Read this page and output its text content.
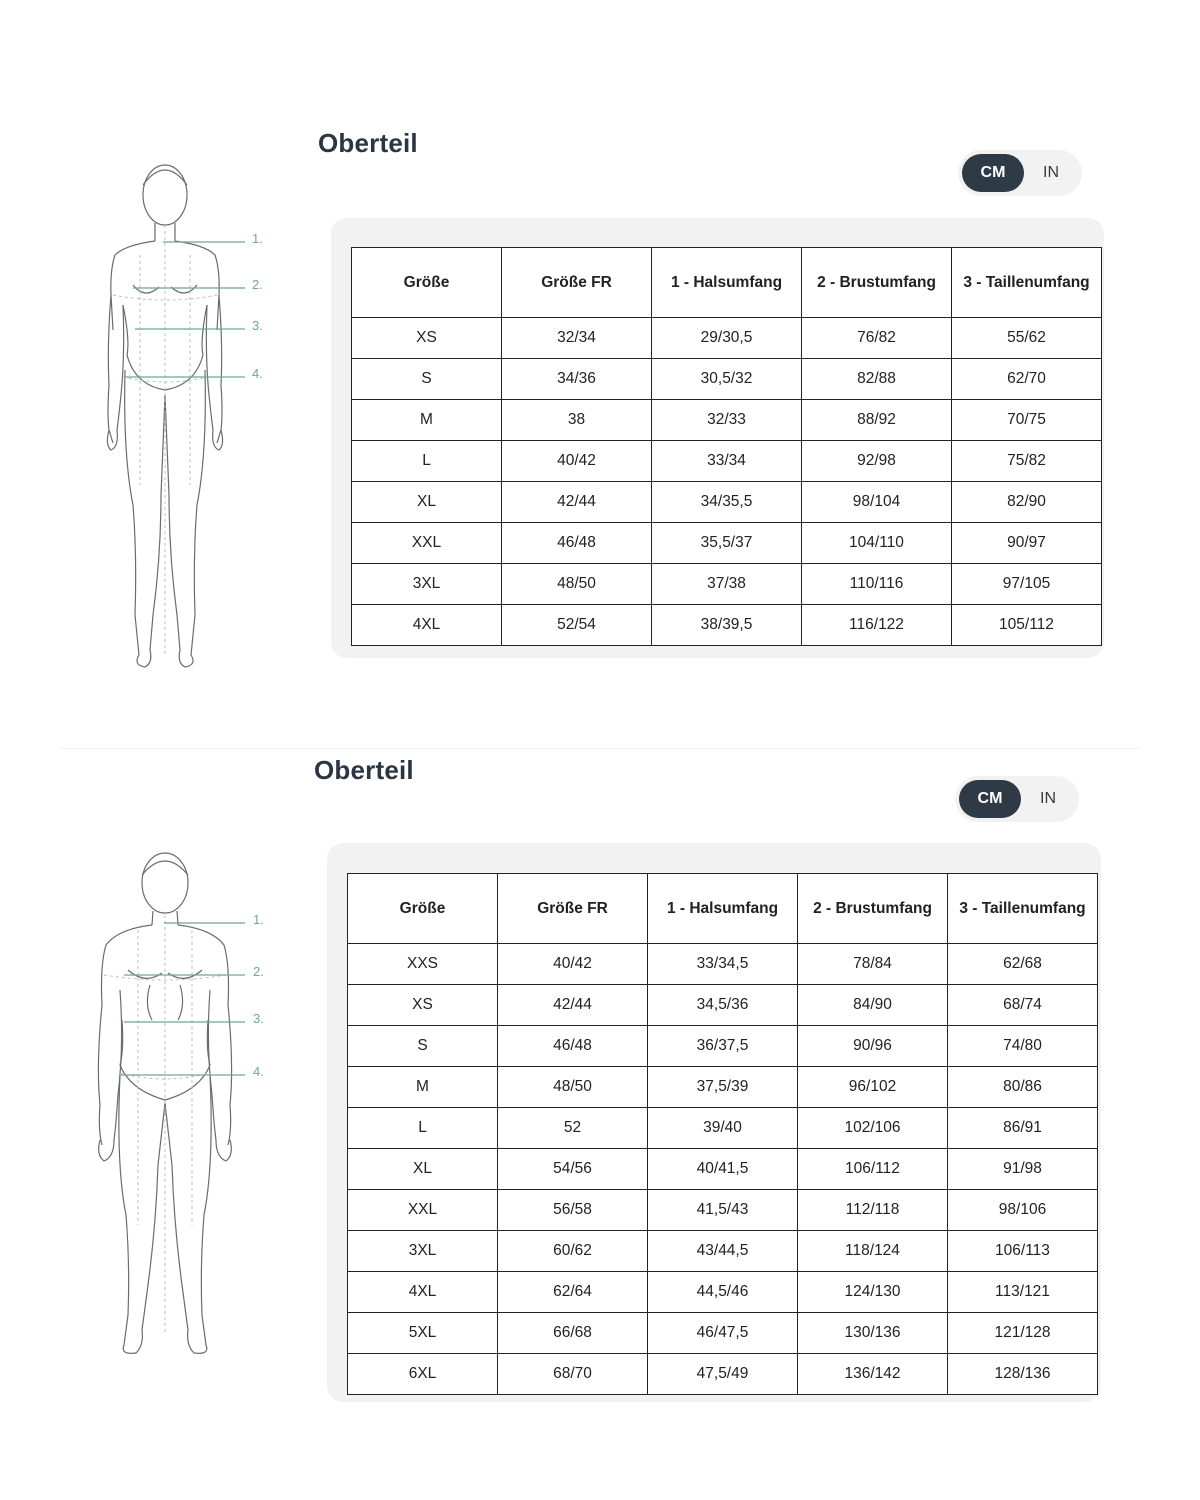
1.
2.
3.
4.
Oberteil
CM	IN
Größe	Größe FR	1 - Halsumfang	2 - Brustumfang	3 - Taillenumfang
XS	32/34	29/30,5	76/82	55/62
S	34/36	30,5/32	82/88	62/70
M	38	32/33	88/92	70/75
L	40/42	33/34	92/98	75/82
XL	42/44	34/35,5	98/104	82/90
XXL	46/48	35,5/37	104/110	90/97
3XL	48/50	37/38	110/116	97/105
4XL	52/54	38/39,5	116/122	105/112
1.
2.
3.
4.
Oberteil
CM	IN
Größe	Größe FR	1 - Halsumfang	2 - Brustumfang	3 - Taillenumfang
XXS	40/42	33/34,5	78/84	62/68
XS	42/44	34,5/36	84/90	68/74
S	46/48	36/37,5	90/96	74/80
M	48/50	37,5/39	96/102	80/86
L	52	39/40	102/106	86/91
XL	54/56	40/41,5	106/112	91/98
XXL	56/58	41,5/43	112/118	98/106
3XL	60/62	43/44,5	118/124	106/113
4XL	62/64	44,5/46	124/130	113/121
5XL	66/68	46/47,5	130/136	121/128
6XL	68/70	47,5/49	136/142	128/136
